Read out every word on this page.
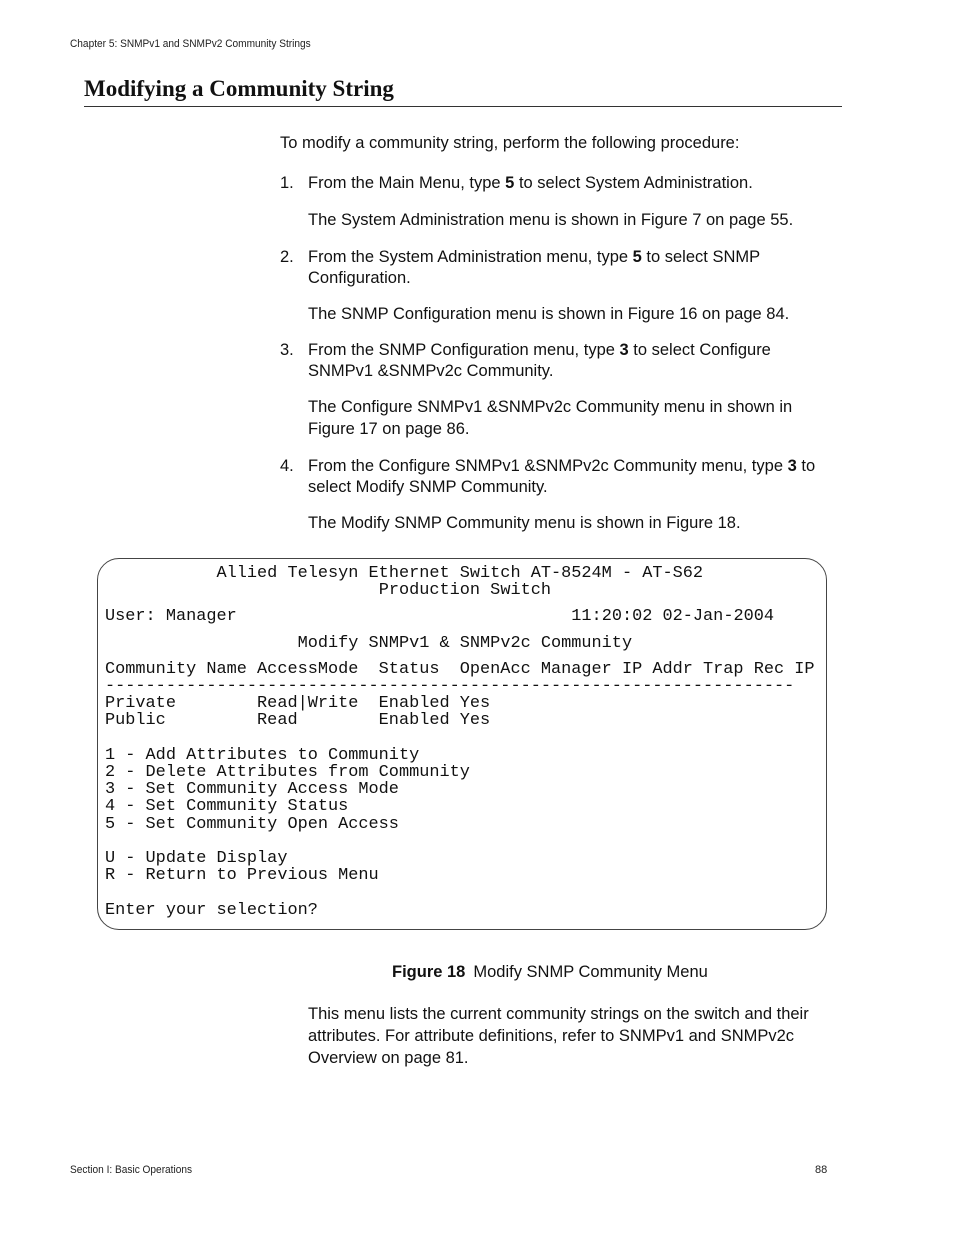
Chapter 5: SNMPv1 and SNMPv2 Community Strings
Modifying a Community String
To modify a community string, perform the following procedure:
1. From the Main Menu, type 5 to select System Administration.
The System Administration menu is shown in Figure 7 on page 55.
2. From the System Administration menu, type 5 to select SNMP Configuration.
The SNMP Configuration menu is shown in Figure 16 on page 84.
3. From the SNMP Configuration menu, type 3 to select Configure SNMPv1 &SNMPv2c Community.
The Configure SNMPv1 &SNMPv2c Community menu in shown in Figure 17 on page 86.
4. From the Configure SNMPv1 &SNMPv2c Community menu, type 3 to select Modify SNMP Community.
The Modify SNMP Community menu is shown in Figure 18.
Allied Telesyn Ethernet Switch AT-8524M - AT-S62
Production Switch
User: Manager	11:20:02 02-Jan-2004
Modify SNMPv1 & SNMPv2c Community
Community Name AccessMode  Status  OpenAcc Manager IP Addr Trap Rec IP
--------------------------------------------------------------------
Private        Read|Write  Enabled Yes
Public         Read        Enabled Yes

1 - Add Attributes to Community
2 - Delete Attributes from Community
3 - Set Community Access Mode
4 - Set Community Status
5 - Set Community Open Access

U - Update Display
R - Return to Previous Menu

Enter your selection?
Figure 18 Modify SNMP Community Menu
This menu lists the current community strings on the switch and their attributes. For attribute definitions, refer to SNMPv1 and SNMPv2c Overview on page 81.
Section I: Basic Operations	88
